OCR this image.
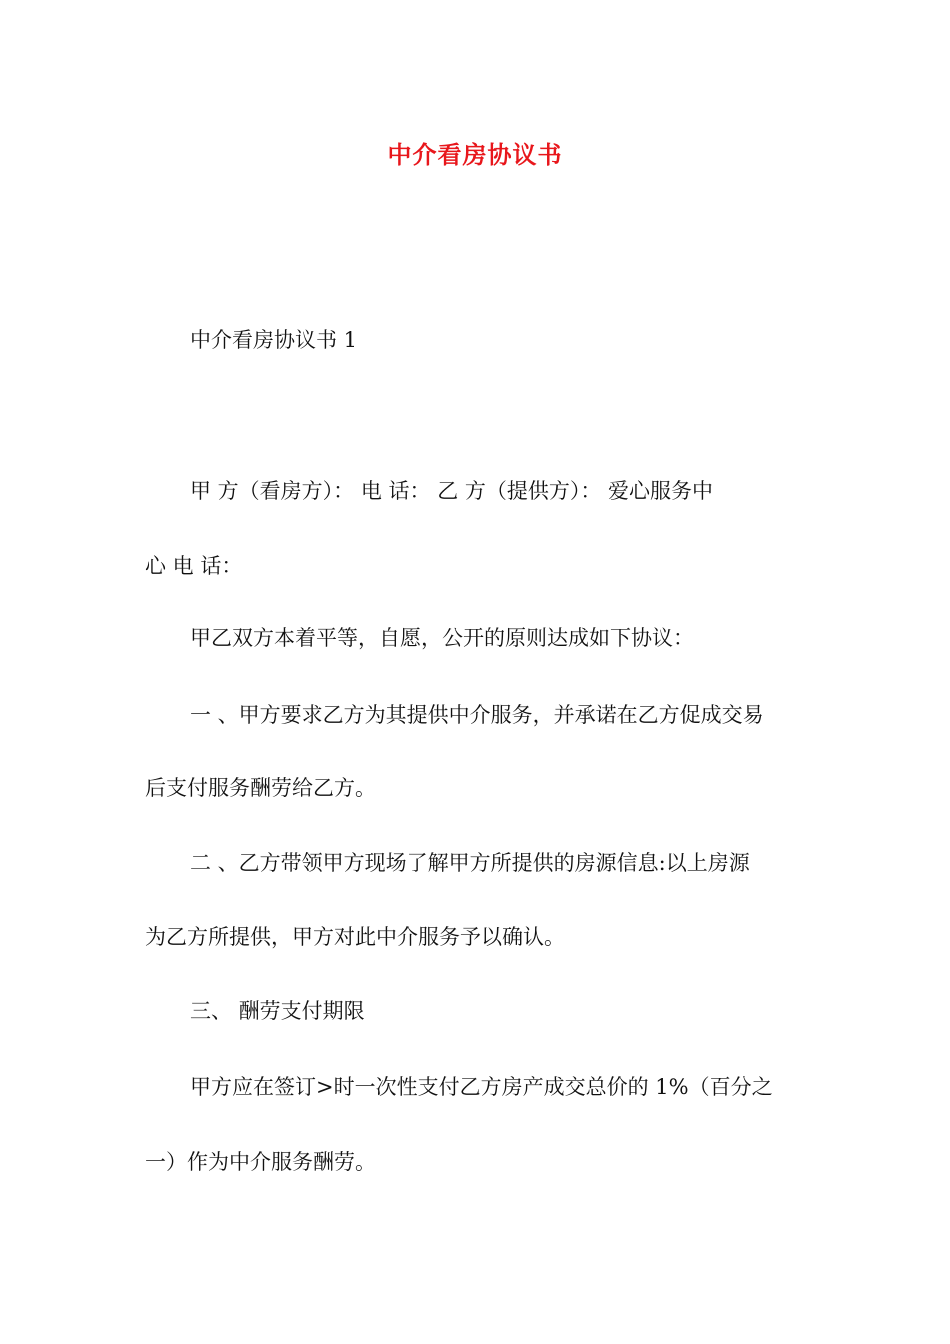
中介看房协议书
中介看房协议书 1
甲 方（看房方）： 电 话： 乙 方（提供方）： 爱心服务中
心 电 话：
甲乙双方本着平等，自愿，公开的原则达成如下协议：
一 、甲方要求乙方为其提供中介服务，并承诺在乙方促成交易
后支付服务酬劳给乙方。
二 、乙方带领甲方现场了解甲方所提供的房源信息:以上房源
为乙方所提供，甲方对此中介服务予以确认。
三、 酬劳支付期限
甲方应在签订>时一次性支付乙方房产成交总价的 1%（百分之
一）作为中介服务酬劳。
